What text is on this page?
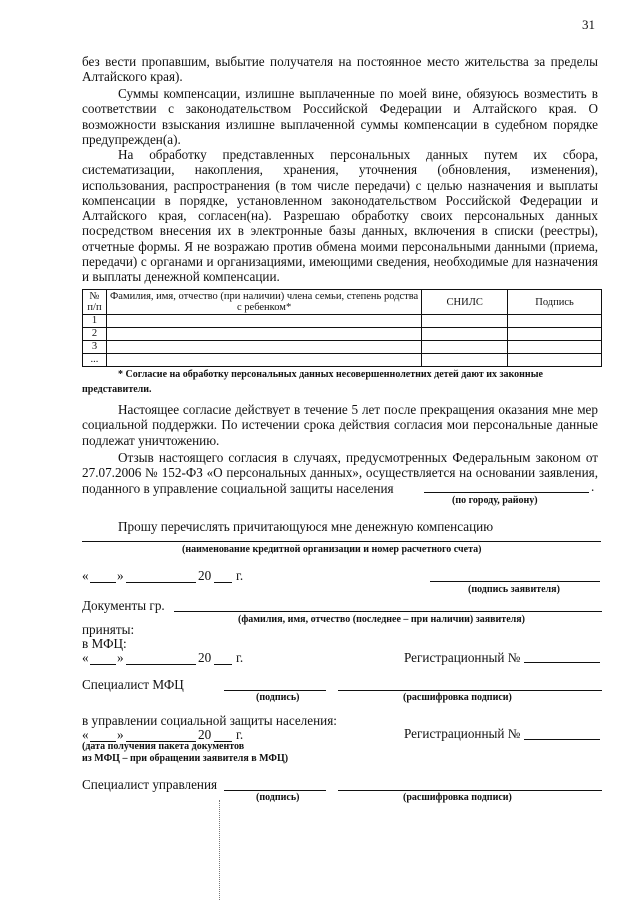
31

без вести пропавшим, выбытие получателя на постоянное место жительства за пределы Алтайского края).

Суммы компенсации, излишне выплаченные по моей вине, обязуюсь возместить в соответствии с законодательством Российской Федерации и Алтайского края. О возможности взыскания излишне выплаченной суммы компенсации в судебном порядке предупрежден(а).

На обработку представленных персональных данных путем их сбора, систематизации, накопления, хранения, уточнения (обновления, изменения), использования, распространения (в том числе передачи) с целью назначения и выплаты компенсации в порядке, установленном законодательством Российской Федерации и Алтайского края, согласен(на). Разрешаю обработку своих персональных данных посредством внесения их в электронные базы данных, включения в списки (реестры), отчетные формы. Я не возражаю против обмена моими персональными данными (приема, передачи) с органами и организациями, имеющими сведения, необходимые для назначения и выплаты денежной компенсации.

№ п/п	Фамилия, имя, отчество (при наличии) члена семьи, степень родства с ребенком*	СНИЛС	Подпись
1			
2			
3			
...			

* Согласие на обработку персональных данных несовершеннолетних детей дают их законные представители.

Настоящее согласие действует в течение 5 лет после прекращения оказания мне мер социальной поддержки. По истечении срока действия согласия мои персональные данные подлежат уничтожению.

Отзыв настоящего согласия в случаях, предусмотренных Федеральным законом от 27.07.2006 № 152-ФЗ «О персональных данных», осуществляется на основании заявления, поданного в управление социальной защиты населения	.
(по городу, району)
Прошу перечислять причитающуюся мне денежную компенсацию
(наименование кредитной организации и номер расчетного счета)
« »	20 г.
(подпись заявителя)
Документы гр.
(фамилия, имя, отчество (последнее – при наличии) заявителя)
приняты:
в МФЦ:
« »	20 г.	Регистрационный №
Специалист МФЦ
(подпись)	(расшифровка подписи)
в управлении социальной защиты населения:
« »	20 г.	Регистрационный №
(дата получения пакета документов
из МФЦ – при обращении заявителя в МФЦ)
Специалист управления
(подпись)	(расшифровка подписи)
